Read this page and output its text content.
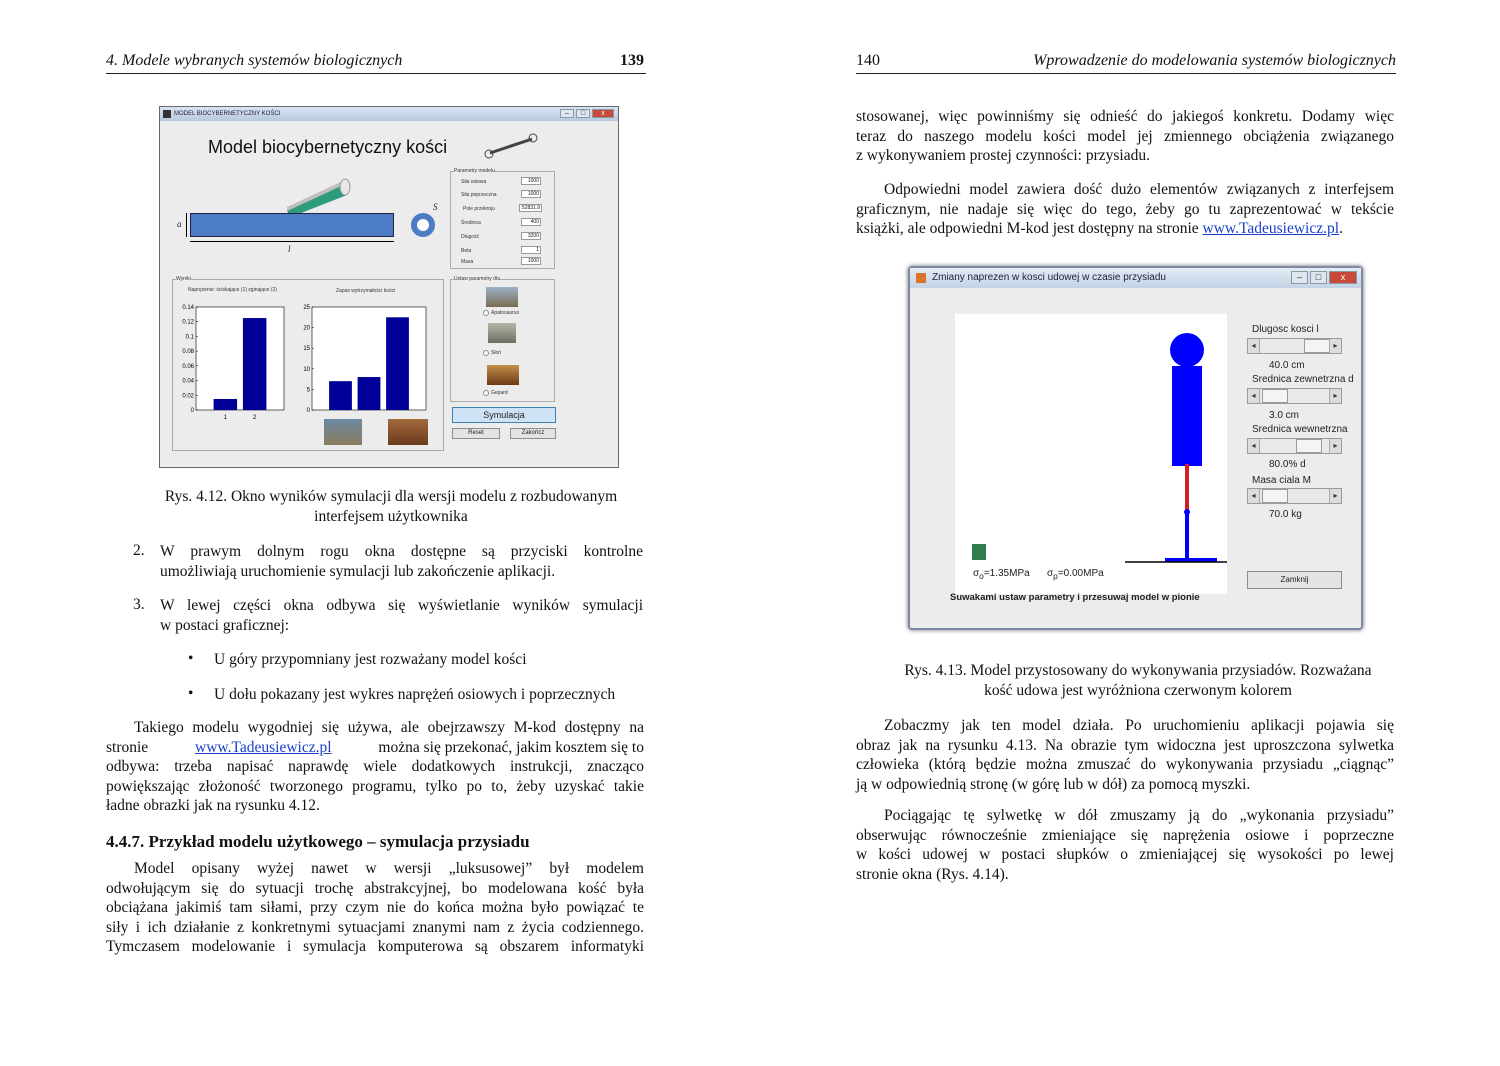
4. Modele wybranych systemów biologicznych	139
MODEL BIOCYBERNETYCZNY KOŚCI	–	□	x
Model biocybernetyczny kości
a
l
S
Parametry modelu
Siła osiowa	1000
Siła poprzeczna	1000
Pole przekroju	52831.9
Średnica	400
Długość	3200
Beta	1
Masa	1000
Wyniki
Naprężenie: ściskające (1) zginające (2)	Zapas wytrzymałości kości
0
0.02
0.04
0.06
0.08
0.1
0.12
0.14
1	2
0
5
10
15
20
25
Ustaw parametry dla
Apatosaurus
Słoń
Gepard
Symulacja
Reset	Zakończ
Rys. 4.12. Okno wyników symulacji dla wersji modelu z rozbudowanym
interfejsem użytkownika
2. W prawym dolnym rogu okna dostępne są przyciski kontrolne
umożliwiają uruchomienie symulacji lub zakończenie aplikacji.
3. W lewej części okna odbywa się wyświetlanie wyników symulacji
w postaci graficznej:
• U góry przypomniany jest rozważany model kości
• U dołu pokazany jest wykres naprężeń osiowych i poprzecznych
Takiego modelu wygodniej się używa, ale obejrzawszy M-kod dostępny na
stronie	www.Tadeusiewicz.pl	można się przekonać, jakim kosztem się to
odbywa: trzeba napisać naprawdę wiele dodatkowych instrukcji, znacząco
powiększając złożoność tworzonego programu, tylko po to, żeby uzyskać takie
ładne obrazki jak na rysunku 4.12.
4.4.7. Przykład modelu użytkowego – symulacja przysiadu
Model opisany wyżej nawet w wersji „luksusowej” był modelem
odwołującym się do sytuacji trochę abstrakcyjnej, bo modelowana kość była
obciążana jakimiś tam siłami, przy czym nie do końca można było powiązać te
siły i ich działanie z konkretnymi sytuacjami znanymi nam z życia codziennego.
Tymczasem modelowanie i symulacja komputerowa są obszarem informatyki
140	Wprowadzenie do modelowania systemów biologicznych
stosowanej, więc powinniśmy się odnieść do jakiegoś konkretu. Dodamy więc
teraz do naszego modelu kości model jej zmiennego obciążenia związanego
z wykonywaniem prostej czynności: przysiadu.
Odpowiedni model zawiera dość dużo elementów związanych z interfejsem
graficznym, nie nadaje się więc do tego, żeby go tu zaprezentować w tekście
książki, ale odpowiedni M-kod jest dostępny na stronie www.Tadeusiewicz.pl.
Zmiany naprezen w kosci udowej w czasie przysiadu	–	□	x
$\sigma_o=1.35MPa$ $\sigma_p=0.00MPa$
Suwakami ustaw parametry i przesuwaj model w pionie
Dlugosc kosci l
◂	▸
40.0 cm
Srednica zewnetrzna d
◂	▸
3.0 cm
Srednica wewnetrzna
◂	▸
80.0% d
Masa ciala M
◂	▸
70.0 kg
Zamknij
Rys. 4.13. Model przystosowany do wykonywania przysiadów. Rozważana
kość udowa jest wyróżniona czerwonym kolorem
Zobaczmy jak ten model działa. Po uruchomieniu aplikacji pojawia się
obraz jak na rysunku 4.13. Na obrazie tym widoczna jest uproszczona sylwetka
człowieka (którą będzie można zmuszać do wykonywania przysiadu „ciągnąc”
ją w odpowiednią stronę (w górę lub w dół) za pomocą myszki.
Pociągając tę sylwetkę w dół zmuszamy ją do „wykonania przysiadu”
obserwując równocześnie zmieniające się naprężenia osiowe i poprzeczne
w kości udowej w postaci słupków o zmieniającej się wysokości po lewej
stronie okna (Rys. 4.14).
